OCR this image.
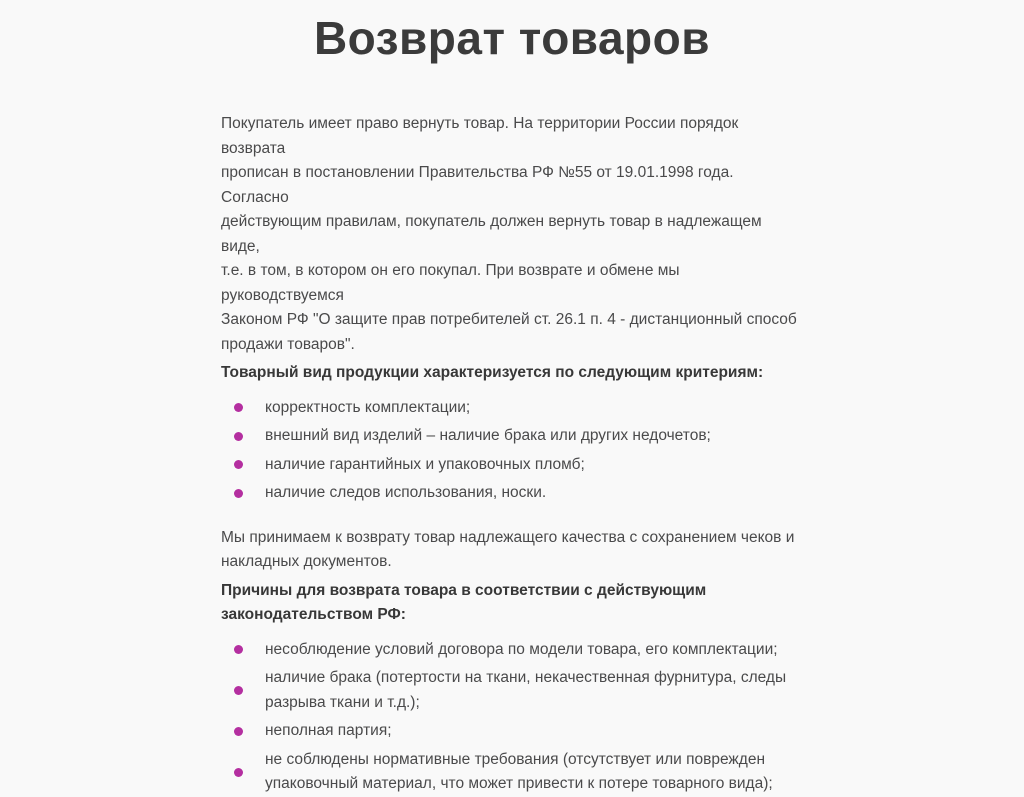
Возврат товаров

Покупатель имеет право вернуть товар. На территории России порядок возврата
прописан в постановлении Правительства РФ №55 от 19.01.1998 года. Согласно
действующим правилам, покупатель должен вернуть товар в надлежащем виде,
т.е. в том, в котором он его покупал. При возврате и обмене мы руководствуемся
Законом РФ "О защите прав потребителей ст. 26.1 п. 4 - дистанционный способ
продажи товаров".

Товарный вид продукции характеризуется по следующим критериям:
корректность комплектации;
внешний вид изделий – наличие брака или других недочетов;
наличие гарантийных и упаковочных пломб;
наличие следов использования, носки.

Мы принимаем к возврату товар надлежащего качества с сохранением чеков и
накладных документов.

Причины для возврата товара в соответствии с действующим
законодательством РФ:
несоблюдение условий договора по модели товара, его комплектации;
наличие брака (потертости на ткани, некачественная фурнитура, следы
разрыва ткани и т.д.);
неполная партия;
не соблюдены нормативные требования (отсутствует или поврежден
упаковочный материал, что может привести к потере товарного вида);
